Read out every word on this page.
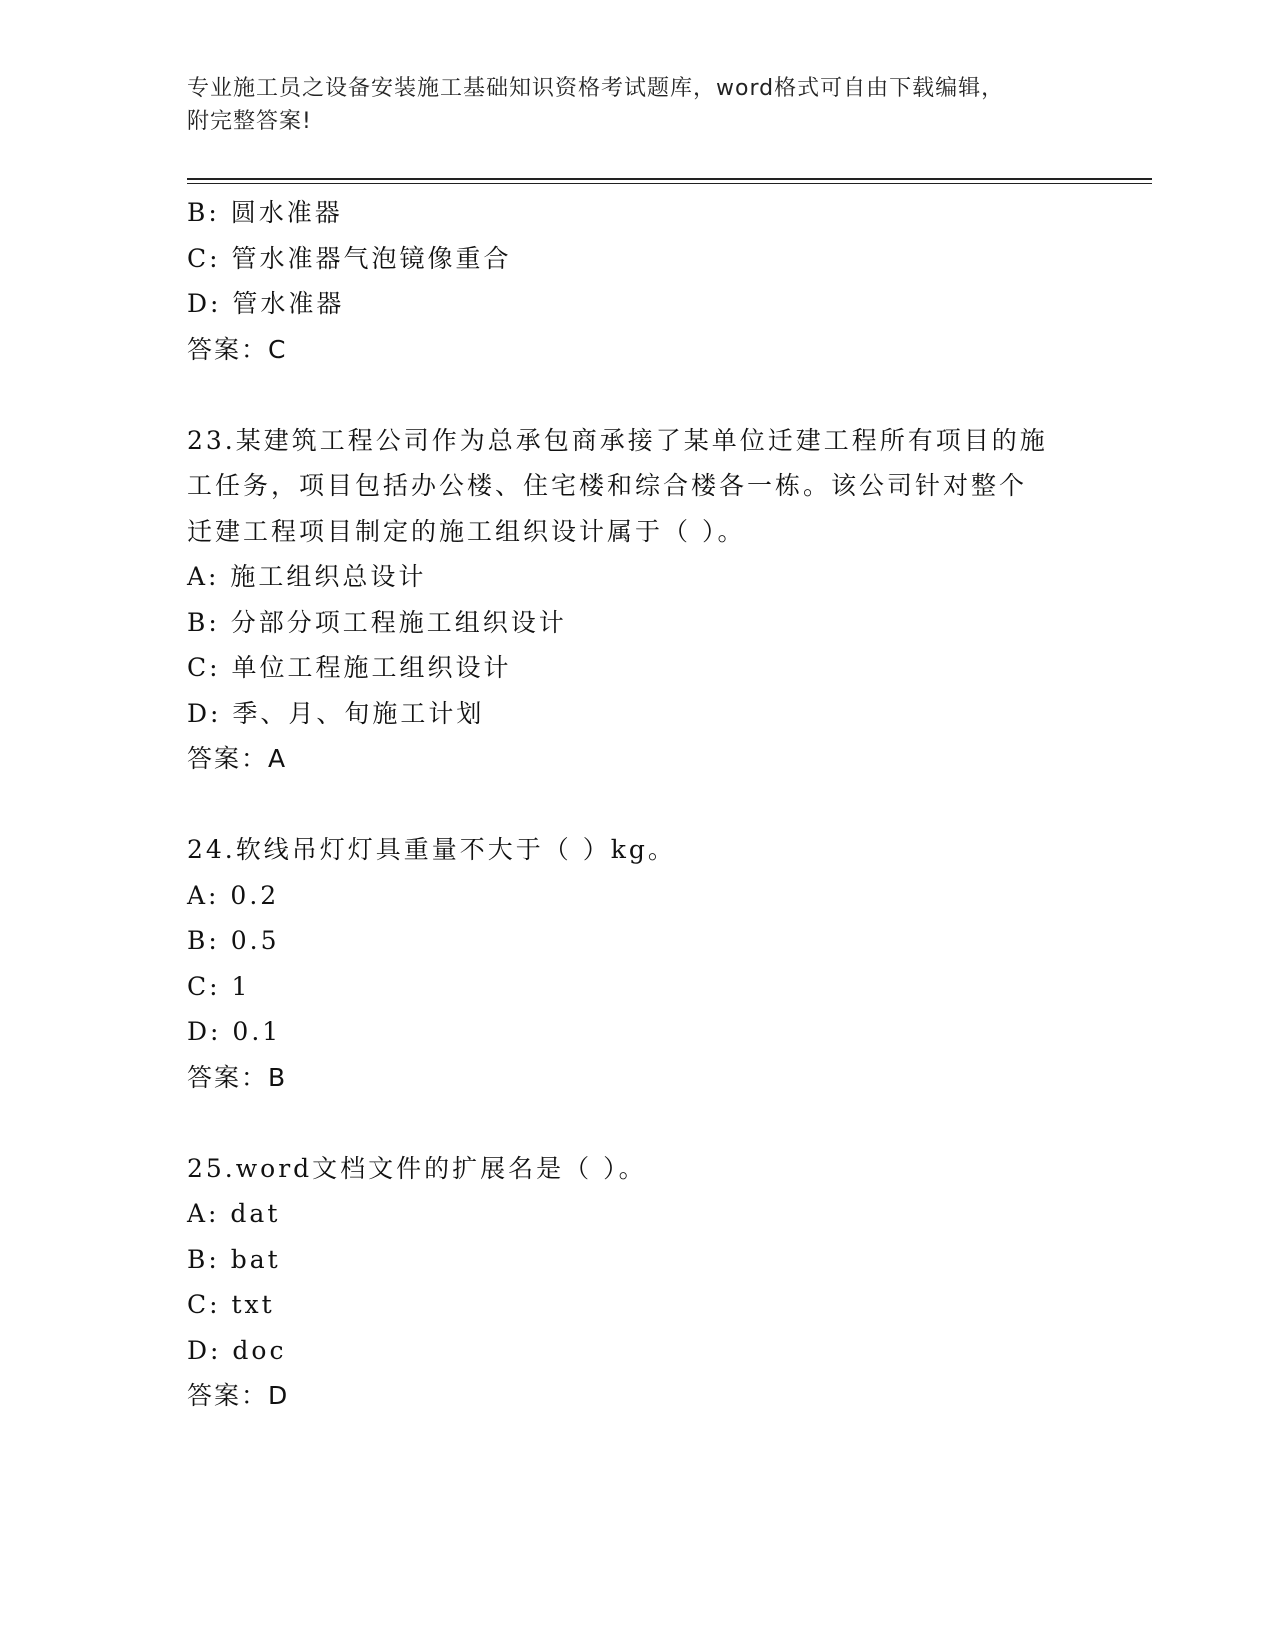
专业施工员之设备安装施工基础知识资格考试题库，word格式可自由下载编辑，
附完整答案!
B: 圆水准器
C: 管水准器气泡镜像重合
D: 管水准器
答案：C
23.某建筑工程公司作为总承包商承接了某单位迁建工程所有项目的施
工任务，项目包括办公楼、住宅楼和综合楼各一栋。该公司针对整个
迁建工程项目制定的施工组织设计属于（ ）。
A: 施工组织总设计
B: 分部分项工程施工组织设计
C: 单位工程施工组织设计
D: 季、月、旬施工计划
答案：A
24.软线吊灯灯具重量不大于（ ）kg。
A: 0.2
B: 0.5
C: 1
D: 0.1
答案：B
25.word文档文件的扩展名是（ ）。
A: dat
B: bat
C: txt
D: doc
答案：D
